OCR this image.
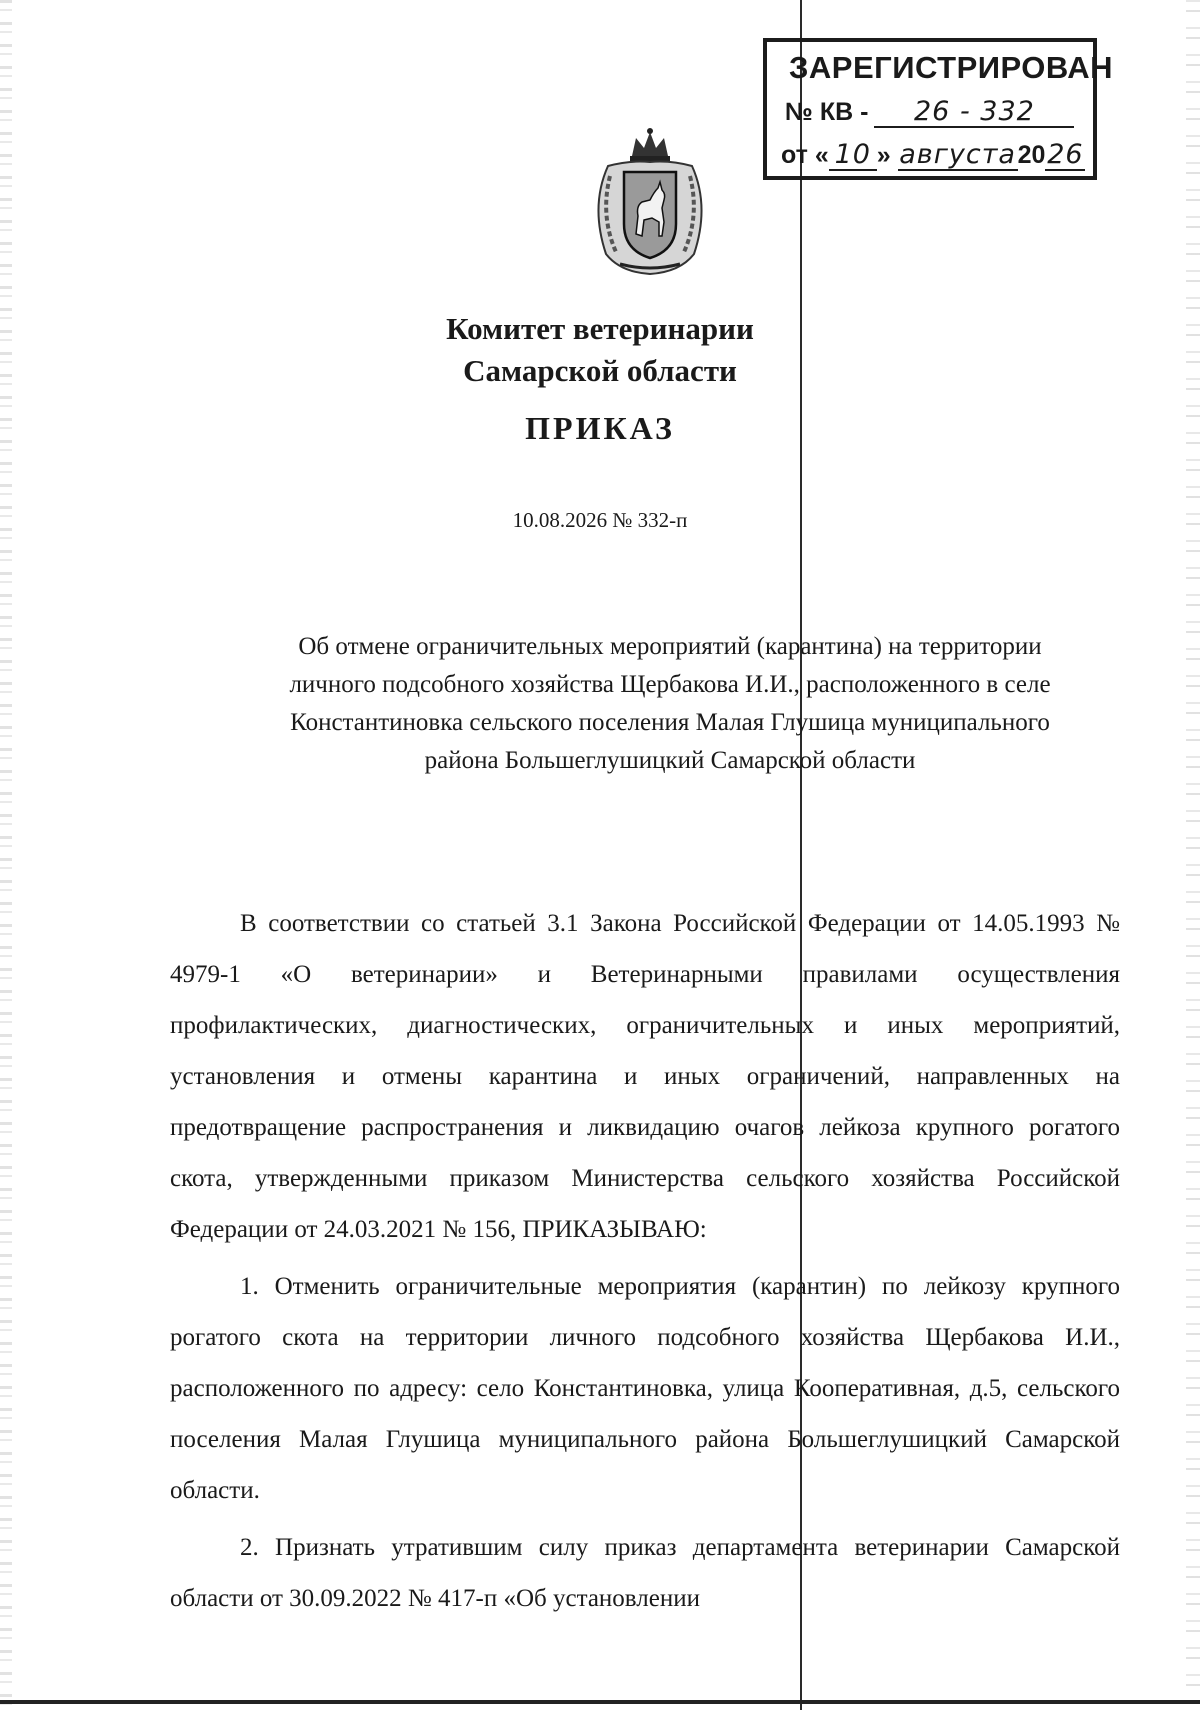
ЗАРЕГИСТРИРОВАН
№ КВ - 26 - 332
от « 10 » августа2026
Комитет ветеринарии
Самарской области
ПРИКАЗ
10.08.2026 № 332-п
Об отмене ограничительных мероприятий (карантина) на территории
личного подсобного хозяйства Щербакова И.И., расположенного в селе
Константиновка сельского поселения Малая Глушица муниципального
района Большеглушицкий Самарской области

В соответствии со статьей 3.1 Закона Российской Федерации от 14.05.1993 № 4979-1 «О ветеринарии» и Ветеринарными правилами осуществления профилактических, диагностических, ограничительных и иных мероприятий, установления и отмены карантина и иных ограничений, направленных на предотвращение распространения и ликвидацию очагов лейкоза крупного рогатого скота, утвержденными приказом Министерства сельского хозяйства Российской Федерации от 24.03.2021 № 156, ПРИКАЗЫВАЮ:

1. Отменить ограничительные мероприятия (карантин) по лейкозу крупного рогатого скота на территории личного подсобного хозяйства Щербакова И.И., расположенного по адресу: село Константиновка, улица Кооперативная, д.5, сельского поселения Малая Глушица муниципального района Большеглушицкий Самарской области.

2. Признать утратившим силу приказ департамента ветеринарии Самарской области от 30.09.2022 № 417-п «Об установлении
